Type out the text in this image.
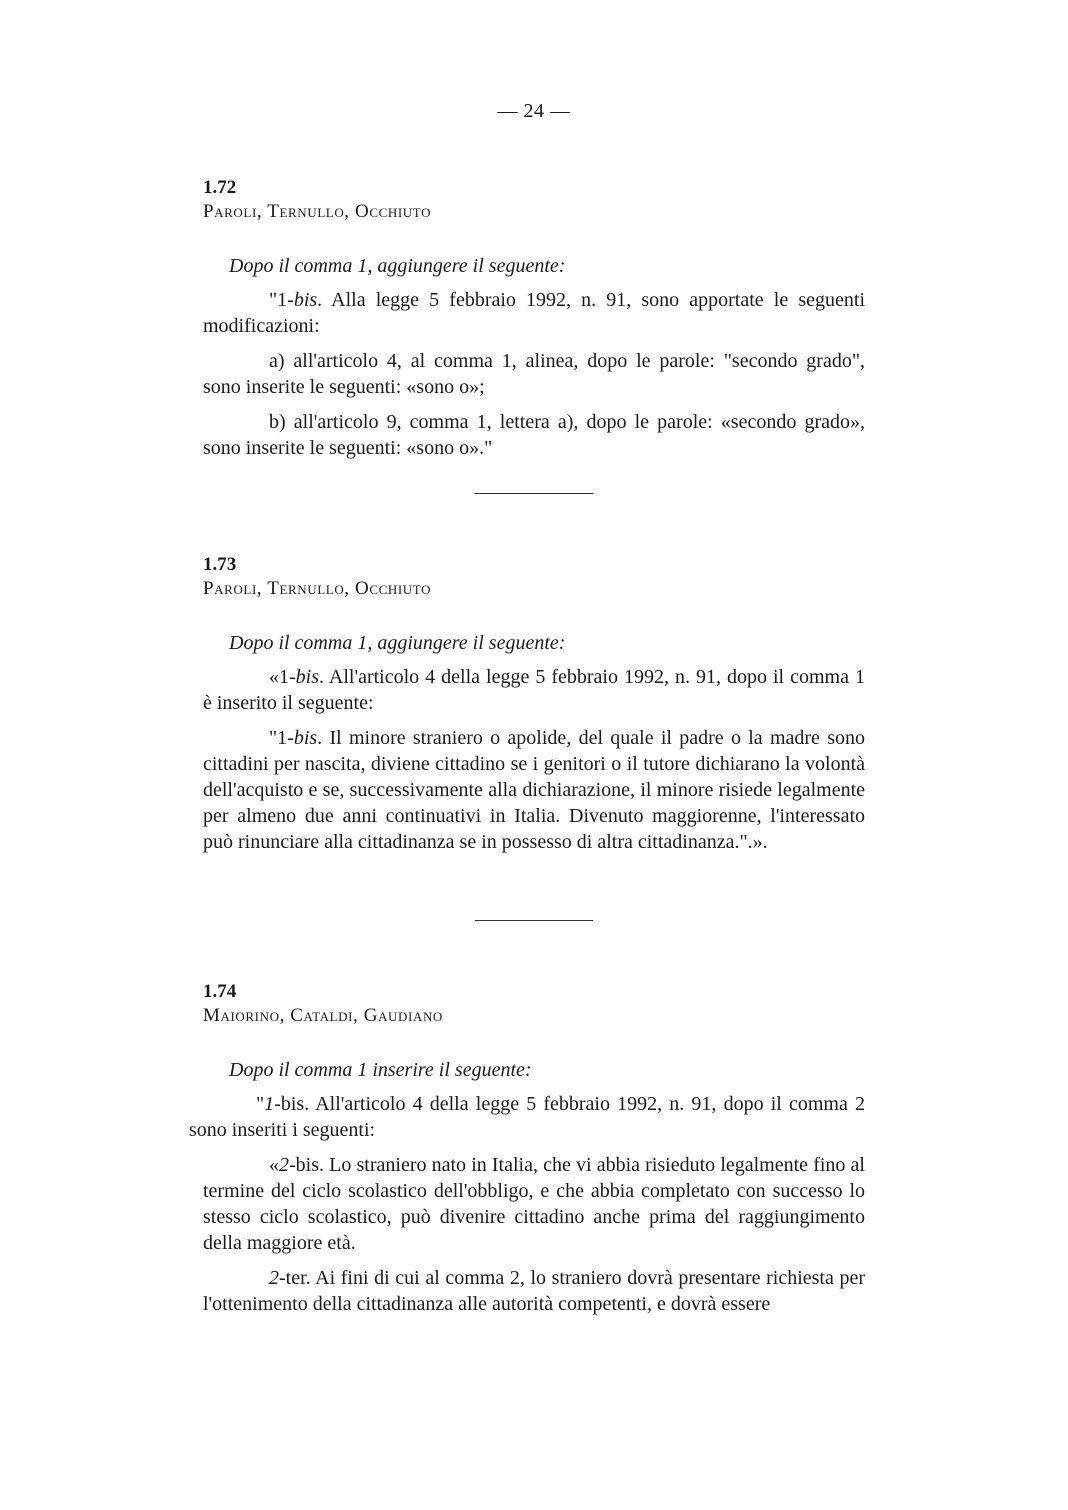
— 24 —

1.72

Paroli, Ternullo, Occhiuto

Dopo il comma 1, aggiungere il seguente:

"1-bis. Alla legge 5 febbraio 1992, n. 91, sono apportate le seguenti modificazioni:

a) all'articolo 4, al comma 1, alinea, dopo le parole: "secondo grado", sono inserite le seguenti: «sono o»;

b) all'articolo 9, comma 1, lettera a), dopo le parole: «secondo grado», sono inserite le seguenti: «sono o»."

1.73

Paroli, Ternullo, Occhiuto

Dopo il comma 1, aggiungere il seguente:

«1-bis. All'articolo 4 della legge 5 febbraio 1992, n. 91, dopo il comma 1 è inserito il seguente:

"1-bis. Il minore straniero o apolide, del quale il padre o la madre sono cittadini per nascita, diviene cittadino se i genitori o il tutore dichiarano la volontà dell'acquisto e se, successivamente alla dichiarazione, il minore risiede legalmente per almeno due anni continuativi in Italia. Divenuto maggiorenne, l'interessato può rinunciare alla cittadinanza se in possesso di altra cittadinanza.".».

1.74

Maiorino, Cataldi, Gaudiano

Dopo il comma 1 inserire il seguente:

"1-bis. All'articolo 4 della legge 5 febbraio 1992, n. 91, dopo il comma 2 sono inseriti i seguenti:

«2-bis. Lo straniero nato in Italia, che vi abbia risieduto legalmente fino al termine del ciclo scolastico dell'obbligo, e che abbia completato con successo lo stesso ciclo scolastico, può divenire cittadino anche prima del raggiungimento della maggiore età.

2-ter. Ai fini di cui al comma 2, lo straniero dovrà presentare richiesta per l'ottenimento della cittadinanza alle autorità competenti, e dovrà essere
